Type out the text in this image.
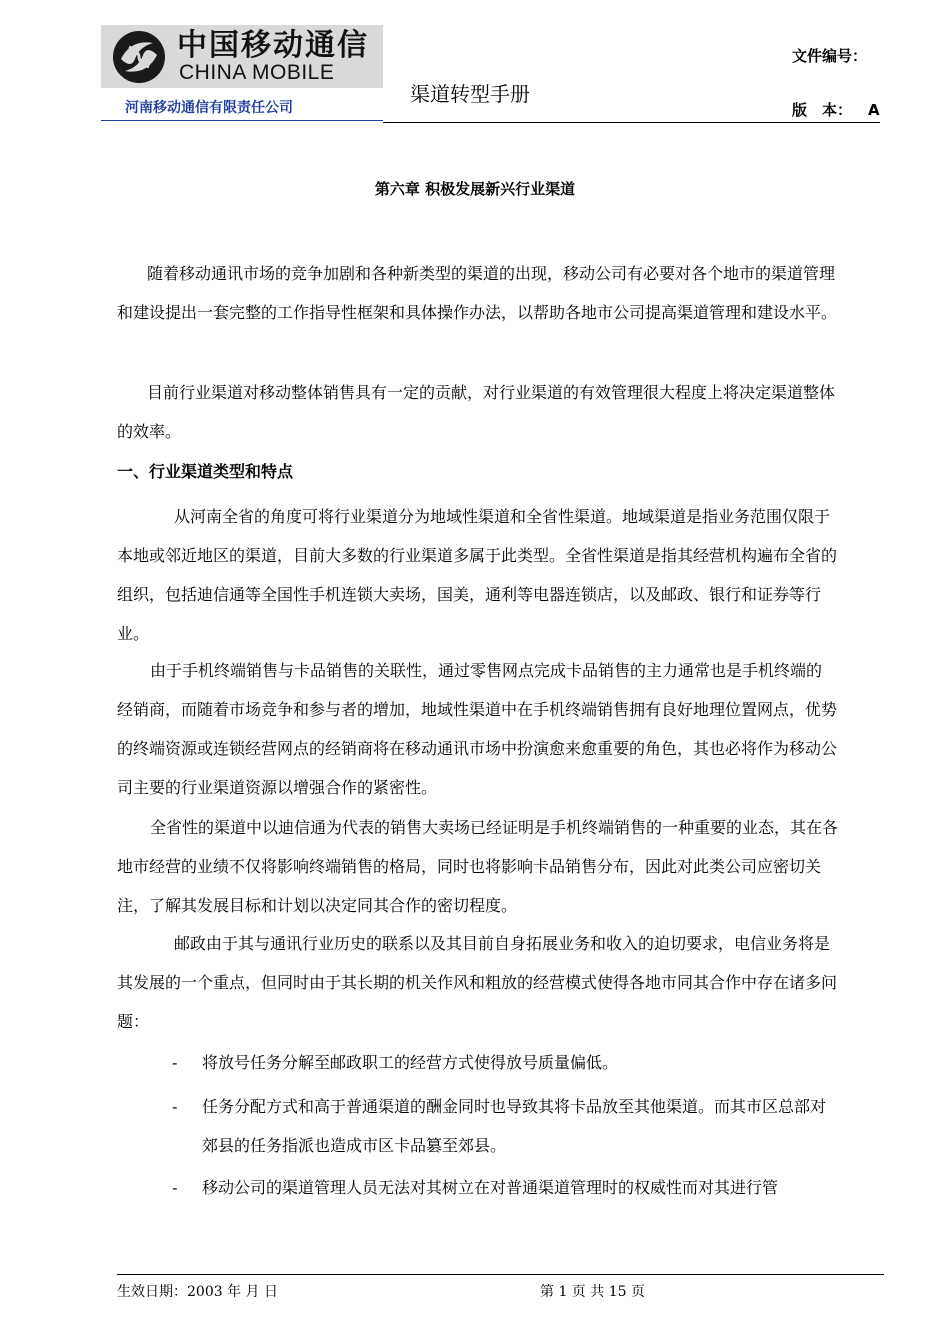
中国移动通信
CHINA MOBILE
河南移动通信有限责任公司
渠道转型手册
文件编号：
版　本： A
第六章 积极发展新兴行业渠道

随着移动通讯市场的竞争加剧和各种新类型的渠道的出现，移动公司有必要对各个地市的渠道管理和建设提出一套完整的工作指导性框架和具体操作办法，以帮助各地市公司提高渠道管理和建设水平。

目前行业渠道对移动整体销售具有一定的贡献，对行业渠道的有效管理很大程度上将决定渠道整体的效率。

一、行业渠道类型和特点

从河南全省的角度可将行业渠道分为地域性渠道和全省性渠道。地域渠道是指业务范围仅限于本地或邻近地区的渠道，目前大多数的行业渠道多属于此类型。全省性渠道是指其经营机构遍布全省的组织，包括迪信通等全国性手机连锁大卖场，国美，通利等电器连锁店，以及邮政、银行和证券等行业。

由于手机终端销售与卡品销售的关联性，通过零售网点完成卡品销售的主力通常也是手机终端的经销商，而随着市场竞争和参与者的增加，地域性渠道中在手机终端销售拥有良好地理位置网点，优势的终端资源或连锁经营网点的经销商将在移动通讯市场中扮演愈来愈重要的角色，其也必将作为移动公司主要的行业渠道资源以增强合作的紧密性。

全省性的渠道中以迪信通为代表的销售大卖场已经证明是手机终端销售的一种重要的业态，其在各地市经营的业绩不仅将影响终端销售的格局，同时也将影响卡品销售分布，因此对此类公司应密切关注，了解其发展目标和计划以决定同其合作的密切程度。

邮政由于其与通讯行业历史的联系以及其目前自身拓展业务和收入的迫切要求，电信业务将是其发展的一个重点，但同时由于其长期的机关作风和粗放的经营模式使得各地市同其合作中存在诸多问题：

- 将放号任务分解至邮政职工的经营方式使得放号质量偏低。

- 任务分配方式和高于普通渠道的酬金同时也导致其将卡品放至其他渠道。而其市区总部对郊县的任务指派也造成市区卡品篡至郊县。

- 移动公司的渠道管理人员无法对其树立在对普通渠道管理时的权威性而对其进行管

生效日期：2003 年 月 日	第 1 页 共 15 页
